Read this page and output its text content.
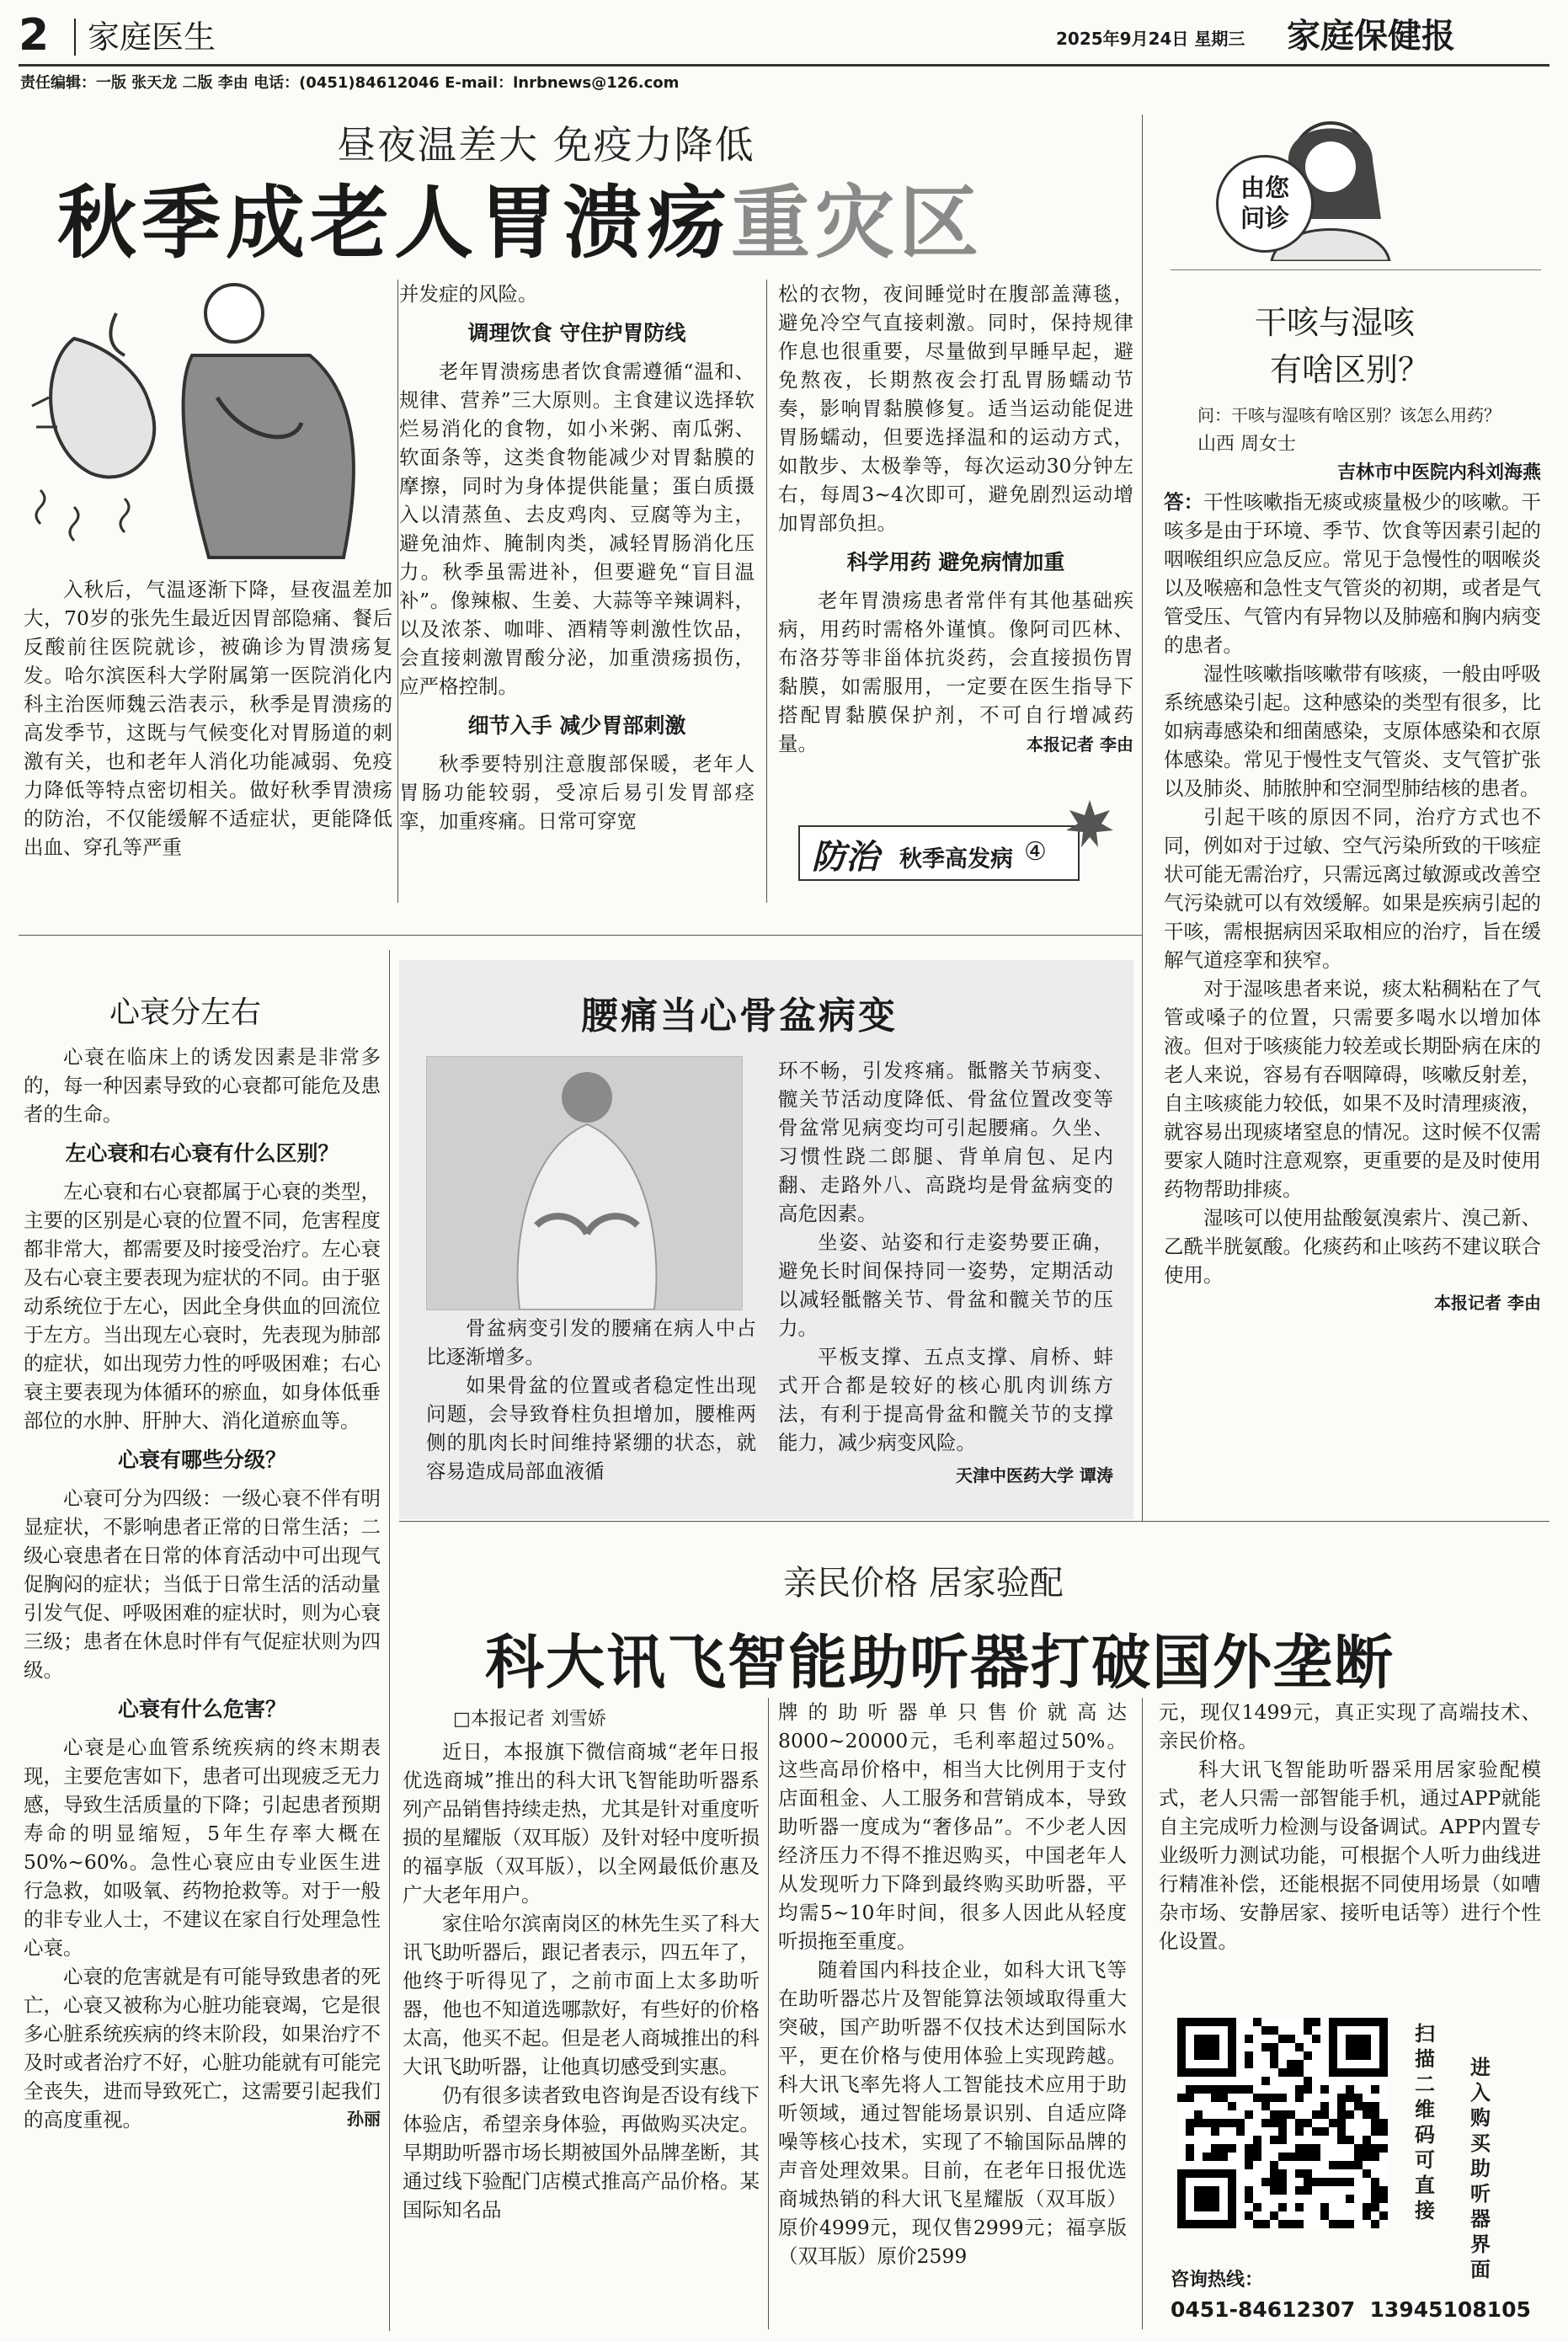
2 家庭医生	2025年9月24日 星期三 家庭保健报
责任编辑：一版 张天龙 二版 李由 电话：(0451)84612046 E-mail：lnrbnews@126.com
昼夜温差大 免疫力降低
秋季成老人胃溃疡重灾区
入秋后，气温逐渐下降，昼夜温差加大，70岁的张先生最近因胃部隐痛、餐后反酸前往医院就诊，被确诊为胃溃疡复发。哈尔滨医科大学附属第一医院消化内科主治医师魏云浩表示，秋季是胃溃疡的高发季节，这既与气候变化对胃肠道的刺激有关，也和老年人消化功能减弱、免疫力降低等特点密切相关。做好秋季胃溃疡的防治，不仅能缓解不适症状，更能降低出血、穿孔等严重

并发症的风险。

调理饮食 守住护胃防线

老年胃溃疡患者饮食需遵循“温和、规律、营养”三大原则。主食建议选择软烂易消化的食物，如小米粥、南瓜粥、软面条等，这类食物能减少对胃黏膜的摩擦，同时为身体提供能量；蛋白质摄入以清蒸鱼、去皮鸡肉、豆腐等为主，避免油炸、腌制肉类，减轻胃肠消化压力。秋季虽需进补，但要避免“盲目温补”。像辣椒、生姜、大蒜等辛辣调料，以及浓茶、咖啡、酒精等刺激性饮品，会直接刺激胃酸分泌，加重溃疡损伤，应严格控制。

细节入手 减少胃部刺激

秋季要特别注意腹部保暖，老年人胃肠功能较弱，受凉后易引发胃部痉挛，加重疼痛。日常可穿宽

松的衣物，夜间睡觉时在腹部盖薄毯，避免冷空气直接刺激。同时，保持规律作息也很重要，尽量做到早睡早起，避免熬夜，长期熬夜会打乱胃肠蠕动节奏，影响胃黏膜修复。适当运动能促进胃肠蠕动，但要选择温和的运动方式，如散步、太极拳等，每次运动30分钟左右，每周3~4次即可，避免剧烈运动增加胃部负担。

科学用药 避免病情加重

老年胃溃疡患者常伴有其他基础疾病，用药时需格外谨慎。像阿司匹林、布洛芬等非甾体抗炎药，会直接损伤胃黏膜，如需服用，一定要在医生指导下搭配胃黏膜保护剂，不可自行增减药量。	本报记者 李由
防治 秋季高发病 ④
由您问诊
干咳与湿咳
有啥区别？
问：干咳与湿咳有啥区别？该怎么用药？ 山西 周女士
吉林市中医院内科刘海燕

答：干性咳嗽指无痰或痰量极少的咳嗽。干咳多是由于环境、季节、饮食等因素引起的咽喉组织应急反应。常见于急慢性的咽喉炎以及喉癌和急性支气管炎的初期，或者是气管受压、气管内有异物以及肺癌和胸内病变的患者。

湿性咳嗽指咳嗽带有咳痰，一般由呼吸系统感染引起。这种感染的类型有很多，比如病毒感染和细菌感染，支原体感染和衣原体感染。常见于慢性支气管炎、支气管扩张以及肺炎、肺脓肿和空洞型肺结核的患者。

引起干咳的原因不同，治疗方式也不同，例如对于过敏、空气污染所致的干咳症状可能无需治疗，只需远离过敏源或改善空气污染就可以有效缓解。如果是疾病引起的干咳，需根据病因采取相应的治疗，旨在缓解气道痉挛和狭窄。

对于湿咳患者来说，痰太粘稠粘在了气管或嗓子的位置，只需要多喝水以增加体液。但对于咳痰能力较差或长期卧病在床的老人来说，容易有吞咽障碍，咳嗽反射差，自主咳痰能力较低，如果不及时清理痰液，就容易出现痰堵窒息的情况。这时候不仅需要家人随时注意观察，更重要的是及时使用药物帮助排痰。

湿咳可以使用盐酸氨溴索片、溴己新、乙酰半胱氨酸。化痰药和止咳药不建议联合使用。

本报记者 李由
心衰分左右

心衰在临床上的诱发因素是非常多的，每一种因素导致的心衰都可能危及患者的生命。

左心衰和右心衰有什么区别？

左心衰和右心衰都属于心衰的类型，主要的区别是心衰的位置不同，危害程度都非常大，都需要及时接受治疗。左心衰及右心衰主要表现为症状的不同。由于驱动系统位于左心，因此全身供血的回流位于左方。当出现左心衰时，先表现为肺部的症状，如出现劳力性的呼吸困难；右心衰主要表现为体循环的瘀血，如身体低垂部位的水肿、肝肿大、消化道瘀血等。

心衰有哪些分级？

心衰可分为四级：一级心衰不伴有明显症状，不影响患者正常的日常生活；二级心衰患者在日常的体育活动中可出现气促胸闷的症状；当低于日常生活的活动量引发气促、呼吸困难的症状时，则为心衰三级；患者在休息时伴有气促症状则为四级。

心衰有什么危害？

心衰是心血管系统疾病的终末期表现，主要危害如下，患者可出现疲乏无力感，导致生活质量的下降；引起患者预期寿命的明显缩短，5年生存率大概在50%~60%。急性心衰应由专业医生进行急救，如吸氧、药物抢救等。对于一般的非专业人士，不建议在家自行处理急性心衰。

心衰的危害就是有可能导致患者的死亡，心衰又被称为心脏功能衰竭，它是很多心脏系统疾病的终末阶段，如果治疗不及时或者治疗不好，心脏功能就有可能完全丧失，进而导致死亡，这需要引起我们的高度重视。	孙丽
腰痛当心骨盆病变

骨盆病变引发的腰痛在病人中占比逐渐增多。

如果骨盆的位置或者稳定性出现问题，会导致脊柱负担增加，腰椎两侧的肌肉长时间维持紧绷的状态，就容易造成局部血液循

环不畅，引发疼痛。骶髂关节病变、髋关节活动度降低、骨盆位置改变等骨盆常见病变均可引起腰痛。久坐、习惯性跷二郎腿、背单肩包、足内翻、走路外八、高跷均是骨盆病变的高危因素。

坐姿、站姿和行走姿势要正确，避免长时间保持同一姿势，定期活动以减轻骶髂关节、骨盆和髋关节的压力。

平板支撑、五点支撑、肩桥、蚌式开合都是较好的核心肌肉训练方法，有利于提高骨盆和髋关节的支撑能力，减少病变风险。

天津中医药大学 谭涛
亲民价格 居家验配
科大讯飞智能助听器打破国外垄断
□本报记者 刘雪娇

近日，本报旗下微信商城“老年日报优选商城”推出的科大讯飞智能助听器系列产品销售持续走热，尤其是针对重度听损的星耀版（双耳版）及针对轻中度听损的福享版（双耳版），以全网最低价惠及广大老年用户。

家住哈尔滨南岗区的林先生买了科大讯飞助听器后，跟记者表示，四五年了，他终于听得见了，之前市面上太多助听器，他也不知道选哪款好，有些好的价格太高，他买不起。但是老人商城推出的科大讯飞助听器，让他真切感受到实惠。

仍有很多读者致电咨询是否设有线下体验店，希望亲身体验，再做购买决定。早期助听器市场长期被国外品牌垄断，其通过线下验配门店模式推高产品价格。某国际知名品

牌的助听器单只售价就高达8000~20000元，毛利率超过50%。这些高昂价格中，相当大比例用于支付店面租金、人工服务和营销成本，导致助听器一度成为“奢侈品”。不少老人因经济压力不得不推迟购买，中国老年人从发现听力下降到最终购买助听器，平均需5~10年时间，很多人因此从轻度听损拖至重度。

随着国内科技企业，如科大讯飞等在助听器芯片及智能算法领域取得重大突破，国产助听器不仅技术达到国际水平，更在价格与使用体验上实现跨越。科大讯飞率先将人工智能技术应用于助听领域，通过智能场景识别、自适应降噪等核心技术，实现了不输国际品牌的声音处理效果。目前，在老年日报优选商城热销的科大讯飞星耀版（双耳版）原价4999元，现仅售2999元；福享版（双耳版）原价2599

元，现仅1499元，真正实现了高端技术、亲民价格。

科大讯飞智能助听器采用居家验配模式，老人只需一部智能手机，通过APP就能自主完成听力检测与设备调试。APP内置专业级听力测试功能，可根据个人听力曲线进行精准补偿，还能根据不同使用场景（如嘈杂市场、安静居家、接听电话等）进行个性化设置。

扫描二维码可直接
进入购买助听器界面
咨询热线：
0451-84612307  13945108105
